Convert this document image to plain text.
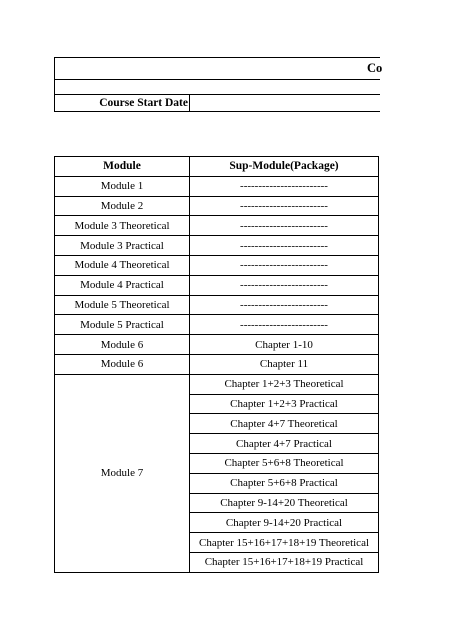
Co
Course Start Date
Module	Sup-Module(Package)
Module 1	------------------------
Module 2	------------------------
Module 3 Theoretical	------------------------
Module 3 Practical	------------------------
Module 4 Theoretical	------------------------
Module 4 Practical	------------------------
Module 5 Theoretical	------------------------
Module 5 Practical	------------------------
Module 6	Chapter 1-10
Module 6	Chapter 11
Module 7	Chapter 1+2+3 Theoretical
	Chapter 1+2+3 Practical
	Chapter 4+7 Theoretical
	Chapter 4+7 Practical
	Chapter 5+6+8 Theoretical
	Chapter 5+6+8 Practical
	Chapter 9-14+20 Theoretical
	Chapter 9-14+20 Practical
	Chapter 15+16+17+18+19 Theoretical
	Chapter 15+16+17+18+19 Practical
